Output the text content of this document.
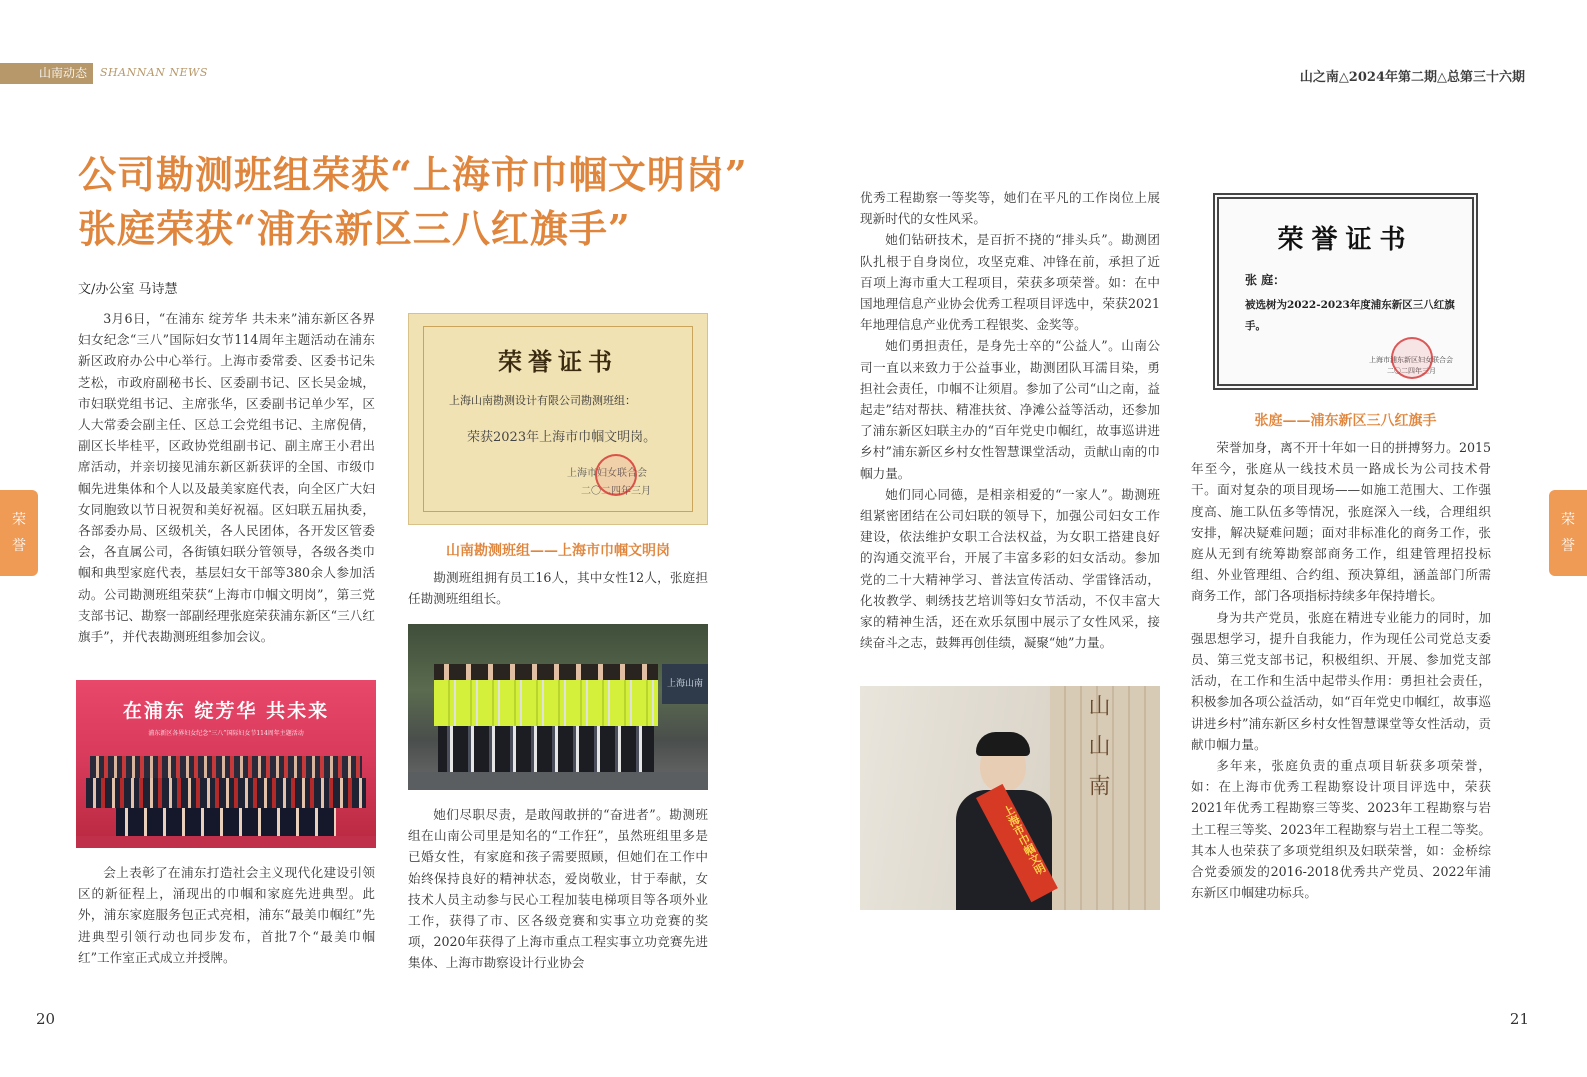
山南动态	SHANNAN NEWS	山之南△2024年第二期△总第三十六期
公司勘测班组荣获“上海市巾帼文明岗”
张庭荣获“浦东新区三八红旗手”
文/办公室 马诗慧

3月6日，“在浦东 绽芳华 共未来”浦东新区各界妇女纪念“三八”国际妇女节114周年主题活动在浦东新区政府办公中心举行。上海市委常委、区委书记朱芝松，市政府副秘书长、区委副书记、区长吴金城，市妇联党组书记、主席张华，区委副书记单少军，区人大常委会副主任、区总工会党组书记、主席倪倩，副区长毕桂平，区政协党组副书记、副主席王小君出席活动，并亲切接见浦东新区新获评的全国、市级巾帼先进集体和个人以及最美家庭代表，向全区广大妇女同胞致以节日祝贺和美好祝福。区妇联五届执委，各部委办局、区级机关，各人民团体，各开发区管委会，各直属公司，各街镇妇联分管领导，各级各类巾帼和典型家庭代表，基层妇女干部等380余人参加活动。公司勘测班组荣获“上海市巾帼文明岗”，第三党支部书记、勘察一部副经理张庭荣获浦东新区“三八红旗手”，并代表勘测班组参加会议。

在浦东 绽芳华 共未来
浦东新区各界妇女纪念“三八”国际妇女节114周年主题活动

会上表彰了在浦东打造社会主义现代化建设引领区的新征程上，涌现出的巾帼和家庭先进典型。此外，浦东家庭服务包正式亮相，浦东“最美巾帼红”先进典型引领行动也同步发布，首批7个“最美巾帼红”工作室正式成立并授牌。

荣誉证书
上海山南勘测设计有限公司勘测班组：
荣获2023年上海市巾帼文明岗。
上海市妇女联合会
二〇二四年三月
山南勘测班组——上海市巾帼文明岗

勘测班组拥有员工16人，其中女性12人，张庭担任勘测班组组长。

上海山南

她们尽职尽责，是敢闯敢拼的“奋进者”。勘测班组在山南公司里是知名的“工作狂”，虽然班组里多是已婚女性，有家庭和孩子需要照顾，但她们在工作中始终保持良好的精神状态，爱岗敬业，甘于奉献，女技术人员主动参与民心工程加装电梯项目等各项外业工作，获得了市、区各级竞赛和实事立功竞赛的奖项，2020年获得了上海市重点工程实事立功竞赛先进集体、上海市勘察设计行业协会

优秀工程勘察一等奖等，她们在平凡的工作岗位上展现新时代的女性风采。

她们钻研技术，是百折不挠的“排头兵”。勘测团队扎根于自身岗位，攻坚克难、冲锋在前，承担了近百项上海市重大工程项目，荣获多项荣誉。如：在中国地理信息产业协会优秀工程项目评选中，荣获2021年地理信息产业优秀工程银奖、金奖等。

她们勇担责任，是身先士卒的“公益人”。山南公司一直以来致力于公益事业，勘测团队耳濡目染，勇担社会责任，巾帼不让须眉。参加了公司“山之南，益起走”结对帮扶、精准扶贫、净滩公益等活动，还参加了浦东新区妇联主办的“百年党史巾帼红，故事巡讲进乡村”浦东新区乡村女性智慧课堂活动，贡献山南的巾帼力量。

她们同心同德，是相亲相爱的“一家人”。勘测班组紧密团结在公司妇联的领导下，加强公司妇女工作建设，依法维护女职工合法权益，为女职工搭建良好的沟通交流平台，开展了丰富多彩的妇女活动。参加党的二十大精神学习、普法宣传活动、学雷锋活动，化妆教学、刺绣技艺培训等妇女节活动，不仅丰富大家的精神生活，还在欢乐氛围中展示了女性风采，接续奋斗之志，鼓舞再创佳绩，凝聚“她”力量。

山山南
上海市巾帼文明
荣誉证书
张 庭：
被选树为2022-2023年度浦东新区三八红旗手。
上海市浦东新区妇女联合会
二〇二四年三月
张庭——浦东新区三八红旗手

荣誉加身，离不开十年如一日的拼搏努力。2015年至今，张庭从一线技术员一路成长为公司技术骨干。面对复杂的项目现场——如施工范围大、工作强度高、施工队伍多等情况，张庭深入一线，合理组织安排，解决疑难问题；面对非标准化的商务工作，张庭从无到有统筹勘察部商务工作，组建管理招投标组、外业管理组、合约组、预决算组，涵盖部门所需商务工作，部门各项指标持续多年保持增长。

身为共产党员，张庭在精进专业能力的同时，加强思想学习，提升自我能力，作为现任公司党总支委员、第三党支部书记，积极组织、开展、参加党支部活动，在工作和生活中起带头作用：勇担社会责任，积极参加各项公益活动，如“百年党史巾帼红，故事巡讲进乡村”浦东新区乡村女性智慧课堂等女性活动，贡献巾帼力量。

多年来，张庭负责的重点项目斩获多项荣誉，如：在上海市优秀工程勘察设计项目评选中，荣获2021年优秀工程勘察三等奖、2023年工程勘察与岩土工程三等奖、2023年工程勘察与岩土工程二等奖。其本人也荣获了多项党组织及妇联荣誉，如：金桥综合党委颁发的2016-2018优秀共产党员、2022年浦东新区巾帼建功标兵。

荣
誉
荣
誉
20	21
